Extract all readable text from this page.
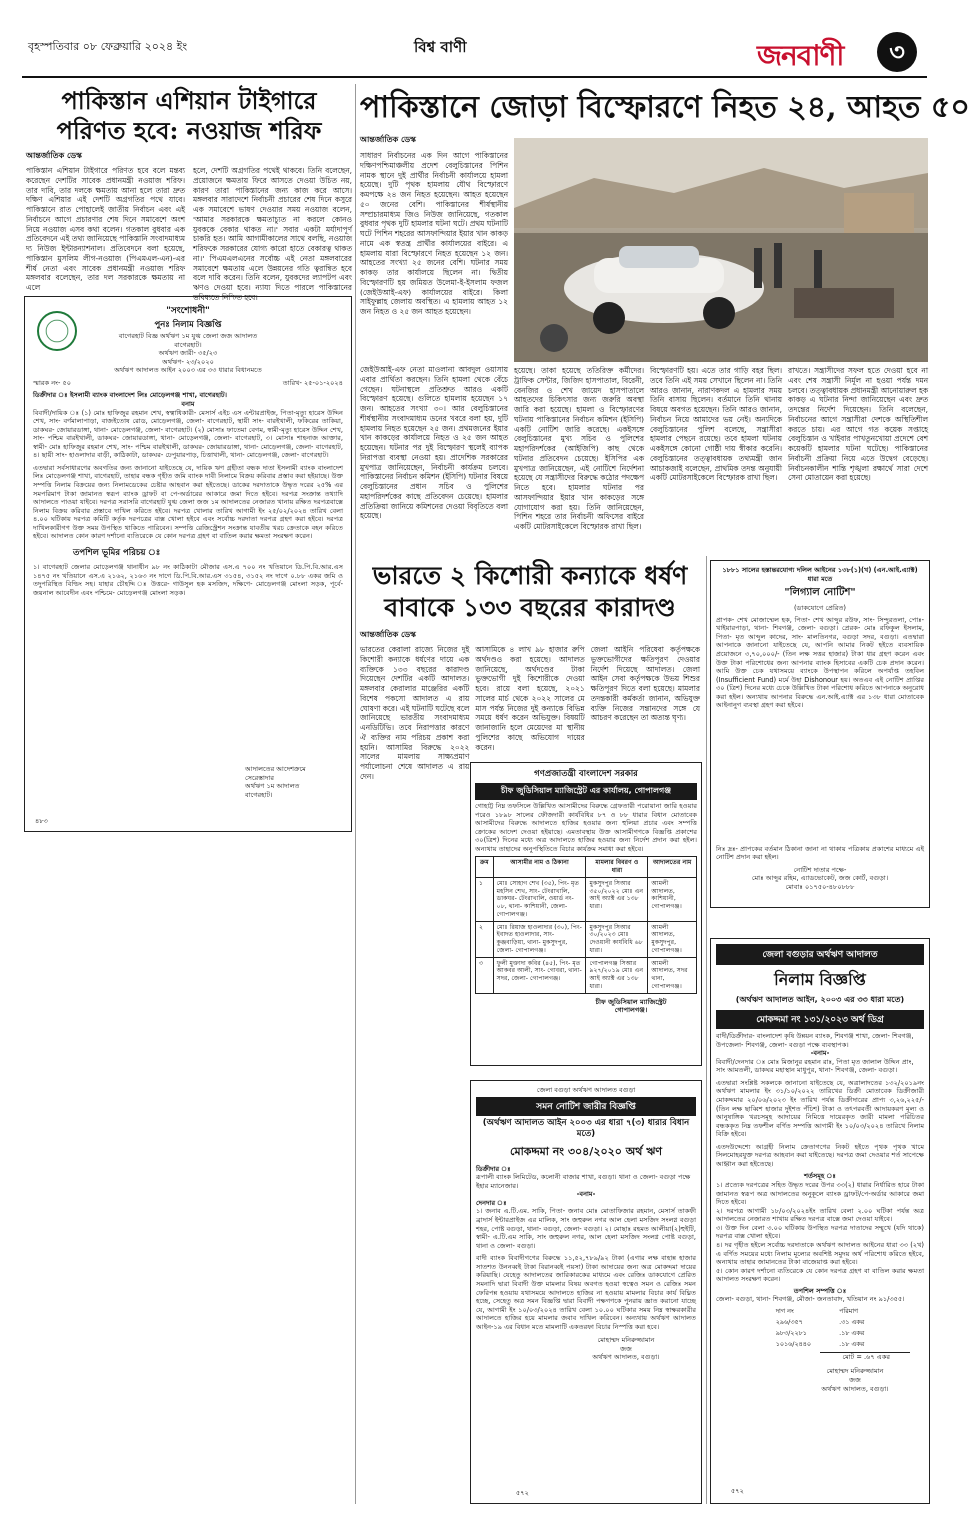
বৃহস্পতিবার ০৮ ফেব্রুয়ারি ২০২৪ ইং	বিশ্ব বাণী	জনবাণী	৩
পাকিস্তান এশিয়ান টাইগারে
পরিণত হবে: নওয়াজ শরিফ
আন্তর্জাতিক ডেস্ক
পাকিস্তান এশিয়ান টাইগারে পরিণত হবে বলে মন্তব্য করেছেন দেশটির সাবেক প্রধানমন্ত্রী নওয়াজ শরিফ। তার দাবি, তার দলকে ক্ষমতায় আনা হলে তারা দ্রুত দক্ষিণ এশিয়ার এই দেশটি অগ্রগতির পথে যাবে। পাকিস্তানে রাত পোহালেই জাতীয় নির্বাচন এবং এই নির্বাচনে আগে প্রচারণার শেষ দিনে সমাবেশে অংশ নিয়ে নওয়াজ এসব কথা বলেন। গতকাল বুধবার এক প্রতিবেদনে এই তথ্য জানিয়েছে পাকিস্তানি সংবাদমাধ্যম দ্য নিউজ ইন্টারন্যাশনাল। প্রতিবেদনে বলা হয়েছে, পাকিস্তান মুসলিম লীগ-নওয়াজ (পিএমএল-এন)-এর শীর্ষ নেতা এবং সাবেক প্রধানমন্ত্রী নওয়াজ শরিফ মঙ্গলবার বলেছেন, তার দল সরকারকে ক্ষমতায় না এলে
হলে, দেশটি অগ্রগতির পথেই থাকবে। তিনি বলেছেন, প্রয়োজনে ক্ষমতায় ফিরে আসতে দেওয়া উচিত নয়, কারণ তারা পাকিস্তানের জন্য কাজ করে আসে। মঙ্গলবার সারাদেশে নির্বাচনী প্রচারের শেষ দিনে কসুরে এক সমাবেশে ভাষণ দেওয়ার সময় নওয়াজ বলেন, 'আমার সরকারকে ক্ষমতাচ্যুত না করলে কোনও যুবককে বেকার থাকত না।' সবার একটা মর্যাদাপূর্ণ চাকরি হত। আমি আগামীকালের সাথে বলছি, নওয়াজ শরিফকে সরকারের যোগ্য কারো হাতে বেকারত্ব থাকত না।' পিএমএলএনের সর্বোচ্চ এই নেতা মঙ্গলবারের সমাবেশে ক্ষমতায় এলে উন্নয়নের গতি ত্বরান্বিত হবে বলে দাবি করেন। তিনি বলেন, যুবকদের ল্যাপটপ এবং ঋণও দেওয়া হবে। ন্যায্য দিতে পারলে পাকিস্তানের ভবিষ্যতে নিশ্চিত হবে।
"সংশোধনী"
পুনঃ নিলাম বিজ্ঞপ্তি
বাগেরহাট বিজ্ঞ অর্থঋণ ১ম যুগ্ম জেলা জজ আদালত
বাগেরহাট।
অর্থঋণ জারী- ৩৫/২৩
অর্থঋণ- ২৩/২০২০
অর্থঋণ আদালত আইন ২০০৩ এর ৩৩ ধারার বিধানমতে
স্মারক নং- ৫০	তারিখ- ২৫-০১-২০২৪
ডিক্রীদার ঃ ইসলামী ব্যাংক বাংলাদেশ লিঃ মোড়েলগঞ্জ শাখা, বাগেরহাট।
বনাম
বিবাদী/দায়িক ঃ (১) মোঃ হাফিজুর রহমান শেখ, স্বত্বাধিকারী- মেসার্স এইচ এস এন্টারপ্রাইজ, পিতা-মৃত্যু হারেস উদ্দিন শেখ, সাং- বর্ণমালাপাড়া, বাজইতোষ রোড, মোড়েলগঞ্জ, জেলা- বাগেরহাট, স্থায়ী সাং- বারইখালী, ফকিরের তাকিয়া, ডাকঘর- জোয়ারডাঙ্গা, থানা- মোড়েলগঞ্জ, জেলা- বাগেরহাট। (২) মোসাঃ ফাতেমা বেগম, স্বামী-মৃত্যু হারেস উদ্দিন শেখ, সাং- পশ্চিম বারইখালী, ডাকঘর- জোয়ারডাঙ্গা, থানা- মোড়েলগঞ্জ, জেলা- বাগেরহাট, ৩। মোসাঃ শাহনাজ আক্তার, স্বামী- মোঃ হাফিজুর রহমান শেখ, সাং- পশ্চিম বারইখালী, ডাকঘর- জোয়ারডাঙ্গা, থানা- মোড়েলগঞ্জ, জেলা- বাগেরহাট, ৪। ছায়ী সাং- হাওলাদার বাড়ী, কাঠিকাটা, ডাকঘর- ঢেপুয়ারপাড়, চিত্তাখালী, থানা- মোড়েলগঞ্জ, জেলা- বাগেরহাট।
এতদ্বারা সর্বসাধারণের অবগতির জন্য জানানো যাইতেছে যে, দায়িক ঋণ গ্রহীতা বন্ধক দাতা ইসলামী ব্যাংক বাংলাদেশ লিঃ মোড়েলগঞ্জ শাখা, বাগেরহাট, তাহার বন্ধক গৃহীত জমি ব্যাংক দাবী নিলামে বিক্রয় করিবার প্রস্তাব করা হইয়াছে। উক্ত সম্পত্তি নিলাম বিক্রয়ের জন্য নিলামডেকের চেষ্টার আহবান করা হইতেছে। ডাকের দরদাতাকে উদ্ধৃত দরের ২৫% এর সমপরিমাণ টাকা জামানত স্বরূপ ব্যাংক ড্রাফট বা পে-অর্ডারের আকারে জমা দিতে হইবে। দরপত্র সংক্রান্ত তথ্যাদি আদালতে পাওয়া যাইবে। দরপত্র সরাসরি বাগেরহাট যুগ্ম জেলা জজ ১ম আদালতের নেজারত খানায় রক্ষিত দরপত্রবাক্সে নিলাম বিক্রয় করিবার প্রস্তাবে দাখিল করিতে হইবে। দরপত্র খোলার তারিখ আগামী ইং ২৫/০২/২০২৪ তারিখ বেলা ৪.০০ ঘটিকায় দরপত্র কমিটি কর্তৃক দরপত্রের বাক্স খোলা হইবে এবং সর্বোচ্চ দরদাতা দরপত্র গ্রহণ করা হইবে। দরপত্র দাখিলকারীগণ উক্ত সময় উপস্থিত থাকিতে পারিবেন। সম্পত্তি রেজিস্ট্রেশন সংক্রান্ত যাবতীয় খরচ ক্রেতাকে বহন করিতে হইবে। আদালত কোন কারণ দর্শানো ব্যতিরেকে যে কোন দরপত্র গ্রহণ বা বাতিল করার ক্ষমতা সংরক্ষণ করেন।
তপশিল ভূমির পরিচয় ঃ
১। বাগেরহাট জেলার মোড়েলগঞ্জ থানাধীন ৯৮ নং কাঠিকাটা মৌজার এস.এ ৭০০ নং খতিয়ানে ডি.পি.বি.আর.এস ১৪৭৫ নং খতিয়ানে এস.এ ২১৬২, ২১৬৩ নং দাগে ডি.পি.বি.আর.এস ৩১৫৪, ৩১৫২ নং দাগে ০.৮৮ একর জমি ও তদুপরিস্থিত বিল্ডিং সহ। যাহার চৌহদ্দি ঃ উত্তরে- গাউসুল হক মসজিদ, দক্ষিণে- মোড়েলগঞ্জ মোংলা সড়ক, পূর্বে- জয়নাল আবেদীন এবং পশ্চিমে- মোড়েলগঞ্জ মোংলা সড়ক।
আদালতের আদেশক্রমে
সেরেস্তাদার
অর্থঋণ ১ম আদালত
বাগেরহাট।
৪৮৩
পাকিস্তানে জোড়া বিস্ফোরণে নিহত ২৪, আহত ৫০
আন্তর্জাতিক ডেস্ক
সাধারণ নির্বাচনের এক দিন আগে পাকিস্তানের দক্ষিণপশ্চিমাঞ্চলীয় প্রদেশ বেলুচিস্তানের পিশিন নামক স্থানে দুই প্রার্থীর নির্বাচনী কার্যালয়ে হামলা হয়েছে। দুটি পৃথক হামলায় যৌথ বিস্ফোরণে কমপক্ষে ২৪ জন নিহত হয়েছেন। আহত হয়েছেন ৫০ জনের বেশি। পাকিস্তানের শীর্ষস্থানীয় সম্প্রচারমাধ্যম জিও নিউজ জানিয়েছে, গতকাল বুধবার পৃথক দুটি হামলার ঘটনা ঘটে। প্রথম ঘটনাটি ঘটে পিশিন শহরের আসফান্দিয়ার ইয়ার খান কাকড় নামে এক স্বতন্ত্র প্রার্থীর কার্যালয়ের বাইরে। এ হামলায় যারা বিস্ফোরণে নিহত হয়েছেন ১২ জন। আহতের সংখ্যা ২৫ জনের বেশি। ঘটনার সময় কাকড় তার কার্যালয়ে ছিলেন না। দ্বিতীয় বিস্ফোরণটি হয় জমিয়ত উলেমা-ই-ইসলাম ফজল (জেইউআই-এফ) কার্যালয়ের বাইরে। কিলা সাইফুল্লাহ জেলায় অবস্থিত। এ হামলায় আহত ১২ জন নিহত ও ২৫ জন আহত হয়েছেন।
জেইউআই-এফ নেতা মাওলানা আবদুল ওয়াসায় এবার প্রার্থিতা করছেন। তিনি হামলা থেকে বেঁচে গেছেন। ঘটনাস্থলে প্রতিশ্রুত আরও একটি বিস্ফোরণ হয়েছে। গুলিতে হামলায় হয়েছেন ১৭ জন। আহতের সংখ্যা ৩০। আর বেলুচিস্তানের শীর্ষস্থানীয় সংবাদমাধ্যম ডনের খবরে বলা হয়, দুটি হামলায় নিহত হয়েছেন ২৫ জন। প্রথমজনের ইয়ার খান কাকড়ের কার্যালয়ে নিহত ও ২৫ জন আহত হয়েছেন। ঘটনার পর দুই বিস্ফোরণ স্থলেই ব্যাপক নিরাপত্তা ব্যবস্থা নেওয়া হয়। প্রাদেশিক সরকারের মুখপাত্র জানিয়েছেন, নির্বাচনী কার্যক্রম চলবে। পাকিস্তানের নির্বাচন কমিশন (ইসিপি) ঘটনার বিষয়ে বেলুচিস্তানের প্রধান সচিব ও পুলিশের মহাপরিদর্শকের কাছে প্রতিবেদন চেয়েছে। হামলার প্রতিক্রিয়া জানিয়ে কমিশনের দেওয়া বিবৃতিতে বলা হয়েছে।
হয়েছে। তাকা হয়েছে ততিরিক্ত কর্মীদের। ট্রাফিক সেন্টার, জিজিদ হাসপাতাল, বিরেনী, বেনজির ও শেখ জায়েদ হাসপাতালে আহতদের চিকিৎসার জন্য জরুরি অবস্থা জারি করা হয়েছে। হামলা ও বিস্ফোরণের ঘটনায় পাকিস্তানের নির্বাচন কমিশন (ইসিপি) একটি নোটিশ জারি করেছে। একইসঙ্গে বেলুচিস্তানের মুখ্য সচিব ও পুলিশের মহাপরিদর্শকের (আইজিপি) কাছ থেকে ঘটনার প্রতিবেদন চেয়েছে। ইসিপির এক মুখপাত্র জানিয়েছেন, এই নোটিশে নির্দেশনা হয়েছে যে সন্ত্রাসীদের বিরুদ্ধে কঠোর পদক্ষেপ নিতে হবে। হামলার ঘটনার পর আসফান্দিয়ার ইয়ার খান কাকড়ের সঙ্গে যোগাযোগ করা হয়। তিনি জানিয়েছেন, পিশিন শহরে তার নির্বাচনী অফিসের বাইরে একটি মোটরসাইকেলে বিস্ফোরক রাখা ছিল।
বিস্ফোরণটি হয়। এতে তার গাড়ি বহর ছিল। তবে তিনি এই সময় সেখানে ছিলেন না। তিনি আরও জানান, নারাণকদল এ হামলার সময় তিনি বাসায় ছিলেন। বর্তমানে তিনি থানায় বিষয়ে অবগত হয়েছেন। তিনি আরও জানান, নির্বাচন নিয়ে আমাদের ভয় নেই। অন্যদিকে বেলুচিস্তানের পুলিশ বলেছে, সন্ত্রাসীরা হামলার পেছনে রয়েছে। তবে হামলা ঘটনায় একইসঙ্গে কোনো গোষ্ঠী দায় স্বীকার করেনি। বেলুচিস্তানের তত্ত্বাবধায়ক তথ্যমন্ত্রী জান আচাকজাই বলেছেন, প্রাথমিক তদন্ত অনুযায়ী একটি মোটরসাইকেলে বিস্ফোরক রাখা ছিল।
রাখতে। সন্ত্রাসীদের সফল হতে দেওয়া হবে না এবং শেষ সন্ত্রাসী নির্মূল না হওয়া পর্যন্ত দমন চলবে। তত্ত্বাবধায়ক প্রধানমন্ত্রী আনোয়ারুল হক কাকড় এ ঘটনার নিন্দা জানিয়েছেন এবং দ্রুত তদন্তের নির্দেশ দিয়েছেন। তিনি বলেছেন, নির্বাচনের আগে সন্ত্রাসীরা দেশকে অস্থিতিশীল করতে চায়। এর আগে গত কয়েক সপ্তাহে বেলুচিস্তান ও খাইবার পাখতুনখোয়া প্রদেশে বেশ কয়েকটি হামলার ঘটনা ঘটেছে। পাকিস্তানের নির্বাচনী প্রক্রিয়া নিয়ে এতে উদ্বেগ বেড়েছে। নির্বাচনকালীন শান্তি শৃঙ্খলা রক্ষার্থে সারা দেশে সেনা মোতায়েন করা হয়েছে।
ভারতে ২ কিশোরী কন্যাকে ধর্ষণ
বাবাকে ১৩৩ বছরের কারাদণ্ড
আন্তর্জাতিক ডেস্ক
ভারতের কেরালা রাজ্যে নিজের দুই কিশোরী কন্যাকে ধর্ষণের দায়ে এক ব্যক্তিকে ১৩৩ বছরের কারাদণ্ড দিয়েছেন দেশটির একটি আদালত। মঙ্গলবার কেরালার মাঞ্জেরির একটি বিশেষ পকসো আদালত এ রায় ঘোষণা করে। এই ঘটনাটি ঘটেছে বলে জানিয়েছে ভারতীয় সংবাদমাধ্যম এনডিটিভি। তবে নিরাপত্তার কারণে ঐ ব্যক্তির নাম পরিচয় প্রকাশ করা হয়নি। আসামির বিরুদ্ধে ২০২২ সালের মামলায় সাক্ষ্যপ্রমাণ পর্যালোচনা শেষে আদালত এ রায় দেন।
আসামিকে ৪ লাখ ৯৮ হাজার রুপি অর্থদণ্ডও করা হয়েছে। আদালত জানিয়েছে, অর্থদণ্ডের টাকা ভুক্তভোগী দুই কিশোরীকে দেওয়া হবে। রায়ে বলা হয়েছে, ২০২১ সালের মার্চ থেকে ২০২২ সালের মে মাস পর্যন্ত নিজের দুই কন্যাকে বিভিন্ন সময়ে ধর্ষণ করেন অভিযুক্ত। বিষয়টি জানাজানি হলে মেয়েদের মা স্থানীয় পুলিশের কাছে অভিযোগ দায়ের করেন।
জেলা আইনি পরিষেবা কর্তৃপক্ষকে ভুক্তভোগীদের ক্ষতিপূরণ দেওয়ার নির্দেশ দিয়েছে আদালত। জেলা আইন সেবা কর্তৃপক্ষকে উভয় শিশুর ক্ষতিপূরণ দিতে বলা হয়েছে। মামলার তদন্তকারী কর্মকর্তা জানান, অভিযুক্ত ব্যক্তি নিজের সন্তানদের সঙ্গে যে আচরণ করেছেন তা অত্যন্ত ঘৃণ্য।
গণপ্রজাতন্ত্রী বাংলাদেশ সরকার
চীফ জুডিসিয়াল ম্যাজিস্ট্রেট এর কার্যালয়, গোপালগঞ্জ
গোহাট্ট নিম্ন তফসিলে উল্লিখিত আসামীদের বিরুদ্ধে গ্রেফতারী পরোয়ানা জারি হওয়ার পরেও ১৮৯৮ সালের ফৌজদারী কার্যবিধির ৮৭ ও ৮৮ ধারার বিধান মোতাবেক আসামীদের বিরুদ্ধে আদালতে হাজির হওয়ার জন্য হুলিয়া প্রচার এবং সম্পত্তি ক্রোকের আদেশ দেওয়া হইয়াছে। এমতাবস্থায় উক্ত আসামীগণকে বিজ্ঞপ্তি প্রকাশের ৩০(ত্রিশ) দিনের মধ্যে অত্র আদালতে হাজির হওয়ার জন্য নির্দেশ প্রদান করা হইল। অন্যথায় তাহাদের অনুপস্থিতিতে বিচার কার্যক্রম সমাধা করা হইবে।
ক্রম	আসামীর নাম ও ঠিকানা	মামলার বিবরণ ও ধারা	আদালতের নাম
১	মোঃ সোহাগ শেখ (৩৫), পিং- মৃত মহসিন শেখ, সাং- টেংরাখালি, ডাকঘর- টেংরাখালি, ওয়ার্ড নং- ০৮, থানা- কাশিয়ানী, জেলা- গোপালগঞ্জ।	মুকসুদপুর সিআর ৩৫০/২০২২ মোঃ এন আই অ্যাক্ট এর ১৩৮ ধারা।	আমলী আদালত, কাশিয়ানী, গোপালগঞ্জ।
২	মোঃ রিয়াজ হাওলাদার (৩০), পিং- ইবাদত হাওলাদার, সাং- কুঞ্জবাড়িয়া, থানা- মুকসুদপুর, জেলা- গোপালগঞ্জ।	মুকসুদপুর সিআর ৩০/২০২৩ মোঃ দেওয়ানী কার্যবিধি ৬৮ ধারা।	আমলী আদালত, মুকসুদপুর, গোপালগঞ্জ।
৩	ফুলী মুক্তাদা কবির (৪৫), পিং- মৃত আকবর আলী, সাং- গোবরা, থানা- সদর, জেলা- গোপালগঞ্জ।	গোপালগঞ্জ সিআর ৯২৭/২০১৯ মোঃ এন আই অ্যাক্ট এর ১৩৮ ধারা।	আমলী আদালত, সদর থানা, গোপালগঞ্জ।
চীফ জুডিসিয়াল ম্যাজিস্ট্রেট
গোপালগঞ্জ।
১৮৮১ সালের হস্তান্তরযোগ্য দলিল আইনের ১৩৮(১)(খ) (এন.আই.এ্যাক্ট) ধারা মতে
"লিগ্যাল নোটিশ"
(ডাকযোগে প্রেরিত)
প্রাপক- শেখ মোজাম্মেল হক, পিতা- শেখ আব্দুর রউফ, সাং- সিন্দুরতলা, পোঃ- খাইয়ারপাড়া, থানা- শিবগঞ্জ, জেলা- বগুড়া। প্রেরক- মোঃ রফিকুল ইসলাম, পিতা- মৃত আব্দুল কাদের, সাং- মালতিনগর, বগুড়া সদর, বগুড়া। এতদ্বারা আপনাকে জানানো যাইতেছে যে, আপনি আমার নিকট হইতে ব্যবসায়িক প্রয়োজনে ৩,৭০,০০০/- (তিন লক্ষ সত্তর হাজার) টাকা ধার গ্রহণ করেন এবং উক্ত টাকা পরিশোধের জন্য আপনার ব্যাংক হিসাবের একটি চেক প্রদান করেন। আমি উক্ত চেক যথাসময়ে ব্যাংকে উপস্থাপন করিলে অপর্যাপ্ত তহবিল (Insufficient Fund) মর্মে উহা Dishonour হয়। অতএব এই নোটিশ প্রাপ্তির ৩০ (ত্রিশ) দিনের মধ্যে চেকে উল্লিখিত টাকা পরিশোধ করিতে আপনাকে অনুরোধ করা হইল। অন্যথায় আপনার বিরুদ্ধে এন.আই.এ্যাক্ট এর ১৩৮ ধারা মোতাবেক আইনানুগ ব্যবস্থা গ্রহণ করা হইবে।
নিঃ দ্রঃ- প্রাপকের বর্তমান ঠিকানা জানা না থাকায় পত্রিকায় প্রকাশের মাধ্যমে এই নোটিশ প্রদান করা হইল।
নোটিশ দাতার পক্ষে-
মোঃ আব্দুর রহিম, এ্যাডভোকেট, জজ কোর্ট, বগুড়া।
মোবাঃ ০১৭৫০-৪৮০৮৮৮
জেলা বগুড়া অর্থঋণ আদালত বগুড়া
সমন নোটিশ জারীর বিজ্ঞপ্তি
(অর্থঋণ আদালত আইন ২০০৩ এর ধারা ৭(৩) ধারার বিধান মতে)
মোকদ্দমা নং ৩০৪/২০২০ অর্থ ঋণ
ডিক্রীদার ঃ
রূপালী ব্যাংক লিমিটেড, কলোনী বাজার শাখা, বগুড়া। থানা ও জেলা- বগুড়া পক্ষে ইহার ম্যানেজার।
-বনাম-
দেনদার ঃ
১। জনাব এ.টি.এম. সাকি, পিতা- জনাব মোঃ মোতাফিজার রহমান, মেসার্স তাকফী ব্রাদার্স ইন্টারপ্রাইজ এর মালিক, সাং জহুরুল নগর আল হেলা মসজিদ সংলগ্ন বগুড়া শহর, পোষ্ট বগুড়া, থানা- বগুড়া, জেলা- বগুড়া। ২। মোছাঃ রহমত আলীয়া(২)হুইটি, স্বামী- এ.টি.এম সাকি, সাং জহুরুল নগর, আল হেলা মসজিদ সংলগ্ন পোষ্ট বগুড়া, থানা ও জেলা- বগুড়া।
বাদী ব্যাংক বিবাদীগণের বিরুদ্ধে ১১,৫২,৭৮৯/৯২ টাকা (এগার লক্ষ বাহান্ন হাজার সাতশত উননব্বই টাকা বিরানব্বই পয়সা) টাকা আদায়ের জন্য অত্র মোকদ্দমা দায়ের করিয়াছি। যেহেতু আদালতের জারিকারকের মাধ্যমে এবং রেজিঃ ডাকযোগে প্রেরিত সমনাদি দ্বারা বিবাদী উক্ত মামলার বিষয় অবগত হওয়া স্বত্বেও সমন ও রেজিঃ সমন ফেরিপন্ন হওয়ায় যথাসময়ে আদালতে হাজির না হওয়ায় মামলার বিচার কার্য বিঘ্নিত হচ্ছে, সেহেতু অত্র সমন বিজ্ঞপ্তি দ্বারা বিবাদী পক্ষগণকে পুনরায় জ্ঞাত করানো যাচ্ছে যে, আগামী ইং ১০/০৩/২০২৪ তারিখ বেলা ১০.০০ ঘটিকার সময় নিম্ন স্বাক্ষরকারীর আদালতে হাজির হয়ে মামলার জবাব দাখিল করিবেন। অন্যথায় অর্থঋণ আদালত আইন-১৯ এর বিধান মতে মামলাটি একতরফা বিচার নিস্পত্তি করা হবে।
মোহাম্মদ মনিরুজ্জামান
জজ
অর্থঋণ আদালত, বগুড়া।
৫৭২
জেলা বগুড়ার অর্থঋণ আদালত
নিলাম বিজ্ঞপ্তি
(অর্থঋণ আদালত আইন, ২০০৩ এর ৩৩ ধারা মতে)
মোকদ্দমা নং ১৩১/২০২৩ অর্থ ডিগ্র
বাদী/ডিক্রীদার- বাংলাদেশ কৃষি উন্নয়ন ব্যাংক, শিবগঞ্জ শাখা, জেলা- শিবগঞ্জ, উপজেলা- শিবগঞ্জ, জেলা- বগুড়া পক্ষে ব্যবস্থাপক।
-বনাম-
বিবাদী/দেনদার ঃ মোঃ মিজানুর রহমান রাঃ, পিতা মৃত জালাল উদ্দিন প্রাং, সাং আমতলী, ডাকঘর মহাস্থান মাধুপুর, থানা- শিবগঞ্জ, জেলা- বগুড়া।
এতদ্বারা সংশ্লিষ্ট সকলকে জানানো যাইতেছে যে, অত্রালাদতের ১৩২/২০১৯নং অর্থঋণ মামলার ইং ৩১/১০/২০২২ তারিখের ডিক্রী মোতাবেক ডিক্রীজারী মোকদ্দমার ২০/০৬/২০২৩ ইং তারিখ পর্যন্ত ডিক্রীদারের প্রাপ্য ৩,২৬,২২৫/- (তিন লক্ষ ছাব্বিশ হাজার দুইশত পঁচিশ) টাকা ও তৎপরবর্তী আদায়করণ মূল্য ও আনুষাঙ্গিক খরচসমূহ আদায়ের নিমিত্তে দায়েরকৃত জারী মামলা পরিচিতর বন্ধককৃত নিম্ন তফশীল বর্ণিত সম্পত্তি আগামী ইং ১০/০৩/২০২৪ তারিখে নিলাম বিক্রি হইবে।
এতদউদ্দেশ্যে আগ্রহী নিলাম ক্রেতাগণের নিকট হইতে পৃথক পৃথক খামে সিলমোহরযুক্ত দরপত্র আহবান করা যাইতেছে। দরপত্র জমা দেওয়ার শর্ত সাপেক্ষে আহ্বান করা হইতেছে।
শর্তসমূহ ঃ
১। প্রত্যেক দরপত্রের সহিত উদ্ধৃত দরের উপর ৩৩(২) ধারার নির্ধারিত হারে টাকা জামানত স্বরূপ অত্র আদালতের অনুকূলে ব্যাংক ড্রাফট/পে-অর্ডার আকারে জমা দিতে হইবে।
২। দরপত্র আগামী ১৮/০৩/২০২৪ইং তারিখ বেলা ২.০০ ঘটিকা পর্যন্ত অত্র আদালতের নেজারত শাখায় রক্ষিত দরপত্র বাক্সে জমা দেওয়া যাইবে।
৩। উক্ত দিন বেলা ৩.০০ ঘটিকায় উপস্থিত দরপত্র দাতাদের সম্মুখে (যদি থাকে) দরপত্র বাক্স খোলা হইবে।
৪। দর গৃহীত হইলে সর্বোচ্চ দরদাতাকে অর্থঋণ আদালত আইনের ধারা ৩৩ (২খ) এ বর্ণিত সময়ের মধ্যে নিলাম মূল্যের অবশিষ্ট সমুদয় অর্থ পরিশোধ করিতে হইবে, অন্যথায় তাহার জামানতের টাকা বাজেয়াপ্ত করা হইবে।
৫। কোন কারণ দর্শানো ব্যতিরেকে যে কোন দরপত্র গ্রহণ বা বাতিল করার ক্ষমতা আদালত সংরক্ষণ করেন।
তপশিল সম্পত্তি ঃ
জেলা- বগুড়া, থানা- শিবগঞ্জ, মৌজা- জনতাবাদ, খতিয়ান নং ৯১/৩৫৫।
দাগ নং	পরিমাণ
২৯৬/৩৫৭	.৩১ একর
৯৮৩/২২৮১	.১৮ একর
১০১৬/২৪৪০	.১৮ একর
মোট = .৬৭ একর
মোহাম্মদ মনিরুজ্জামান
জজ
অর্থঋণ আদালত, বগুড়া।
৫৭২
